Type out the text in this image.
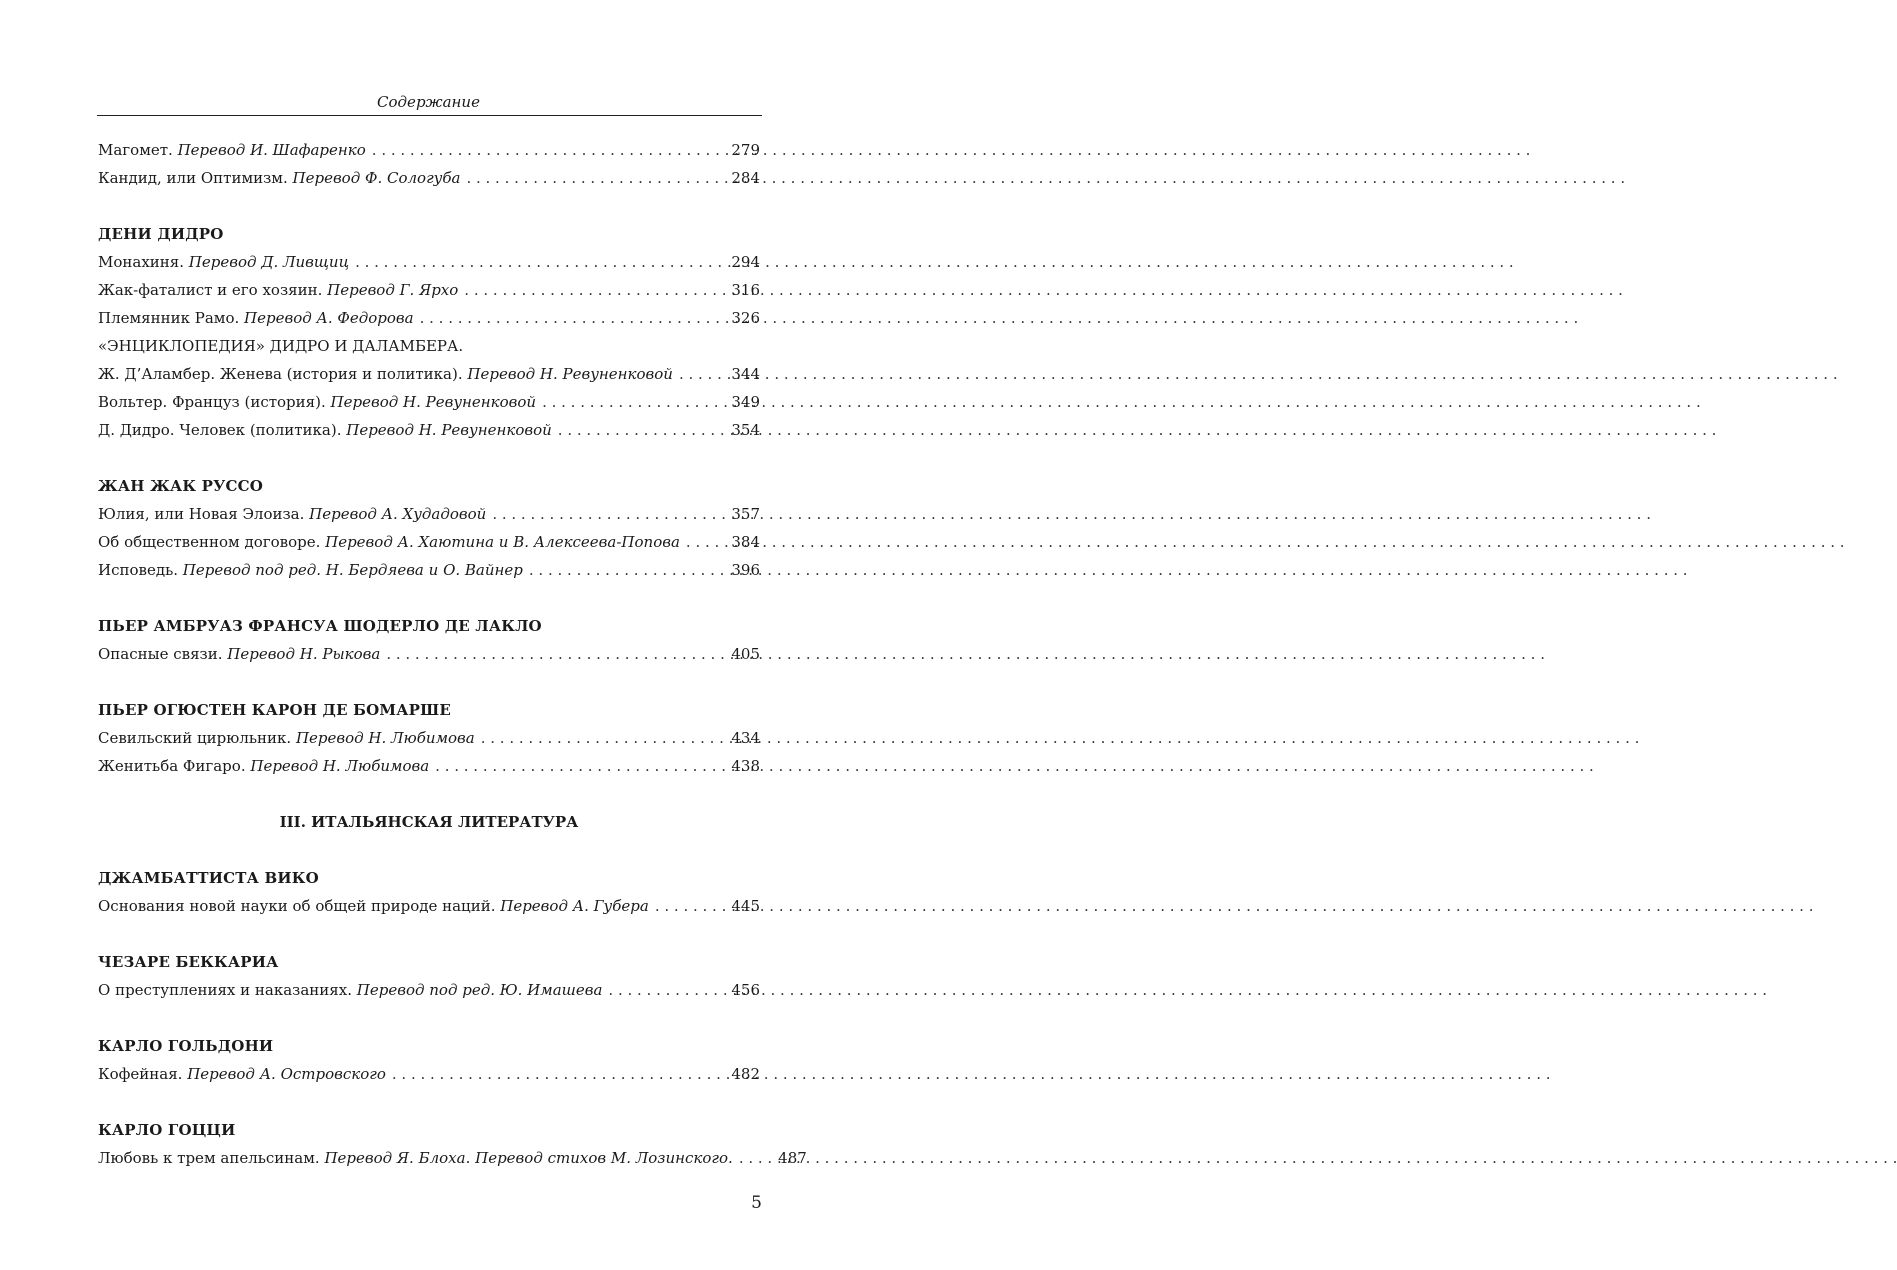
Содержание
Магомет. Перевод И. Шафаренко . . .	279
Кандид, или Оптимизм. Перевод Ф. Сологуба . . .	284
ДЕНИ ДИДРО
Монахиня. Перевод Д. Ливщиц . . .	294
Жак-фаталист и его хозяин. Перевод Г. Ярхо . . .	316
Племянник Рамо. Перевод А. Федорова . . .	326
«ЭНЦИКЛОПЕДИЯ» ДИДРО И ДАЛАМБЕРА.
Ж. Д’Аламбер. Женева (история и политика). Перевод Н. Ревуненковой . . .	344
Вольтер. Француз (история). Перевод Н. Ревуненковой . . .	349
Д. Дидро. Человек (политика). Перевод Н. Ревуненковой . . .	354
ЖАН ЖАК РУССО
Юлия, или Новая Элоиза. Перевод А. Худадовой . . .	357
Об общественном договоре. Перевод А. Хаютина и В. Алексеева-Попова . . .	384
Исповедь. Перевод под ред. Н. Бердяева и О. Вайнер . . .	396
ПЬЕР АМБРУАЗ ФРАНСУА ШОДЕРЛО ДЕ ЛАКЛО
Опасные связи. Перевод Н. Рыкова . . .	405
ПЬЕР ОГЮСТЕН КАРОН ДЕ БОМАРШЕ
Севильский цирюльник. Перевод Н. Любимова . . .	434
Женитьба Фигаро. Перевод Н. Любимова . . .	438
III. ИТАЛЬЯНСКАЯ ЛИТЕРАТУРА
ДЖАМБАТТИСТА ВИКО
Основания новой науки об общей природе наций. Перевод А. Губера . . .	445
ЧЕЗАРЕ БЕККАРИА
О преступлениях и наказаниях. Перевод под ред. Ю. Имашева . . .	456
КАРЛО ГОЛЬДОНИ
Кофейная. Перевод А. Островского . . .	482
КАРЛО ГОЦЦИ
Любовь к трем апельсинам. Перевод Я. Блоха. Перевод стихов М. Лозинского. . . .	487
5
